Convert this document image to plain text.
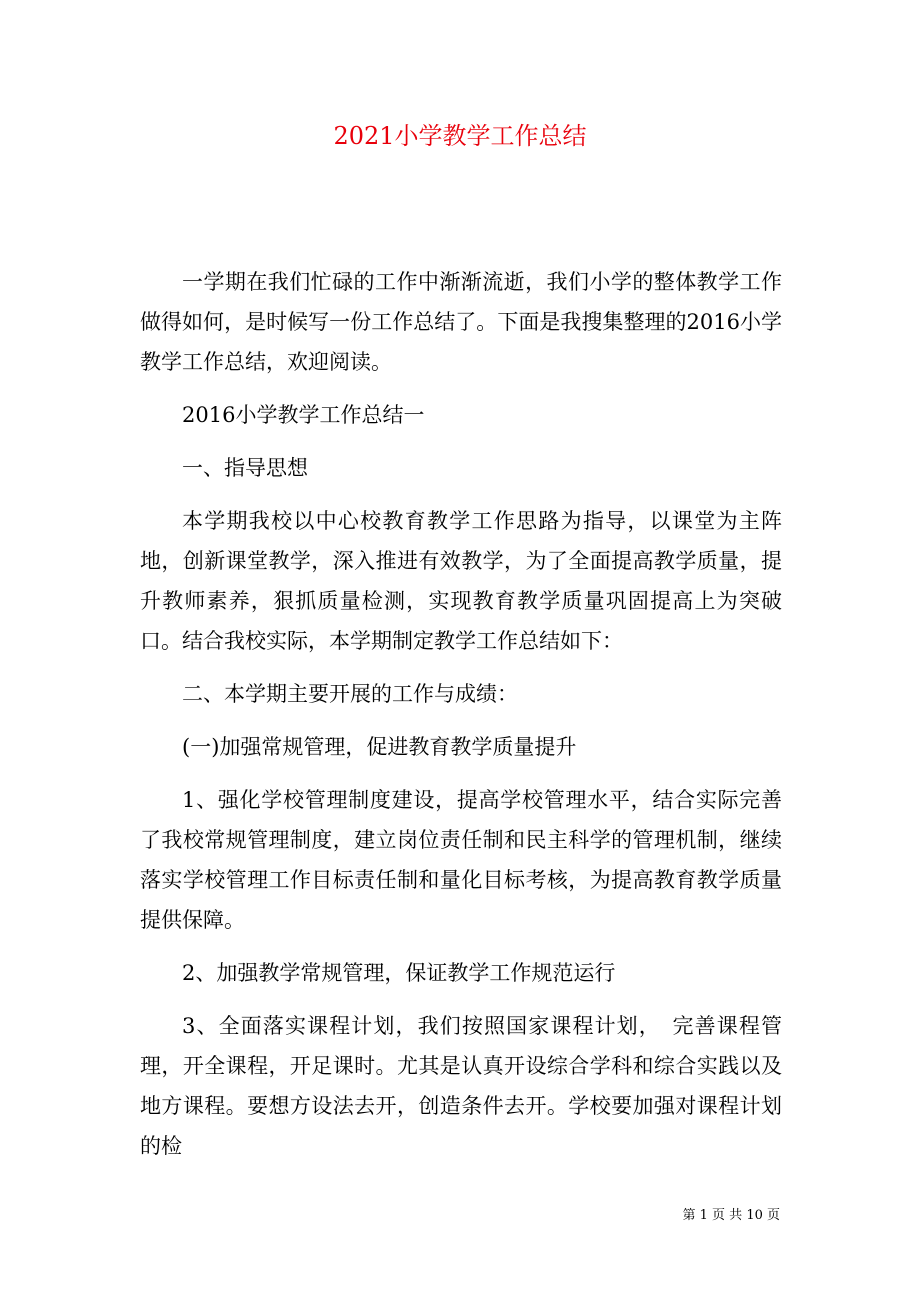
2021小学教学工作总结

一学期在我们忙碌的工作中渐渐流逝，我们小学的整体教学工作做得如何，是时候写一份工作总结了。下面是我搜集整理的2016小学教学工作总结，欢迎阅读。

2016小学教学工作总结一

一、指导思想

本学期我校以中心校教育教学工作思路为指导，以课堂为主阵地，创新课堂教学，深入推进有效教学，为了全面提高教学质量，提升教师素养，狠抓质量检测，实现教育教学质量巩固提高上为突破口。结合我校实际，本学期制定教学工作总结如下：

二、本学期主要开展的工作与成绩：

(一)加强常规管理，促进教育教学质量提升

1、强化学校管理制度建设，提高学校管理水平，结合实际完善了我校常规管理制度，建立岗位责任制和民主科学的管理机制，继续落实学校管理工作目标责任制和量化目标考核，为提高教育教学质量提供保障。

2、加强教学常规管理，保证教学工作规范运行

3、全面落实课程计划，我们按照国家课程计划，　完善课程管理，开全课程，开足课时。尤其是认真开设综合学科和综合实践以及地方课程。要想方设法去开，创造条件去开。学校要加强对课程计划的检

第 1 页 共 10 页
